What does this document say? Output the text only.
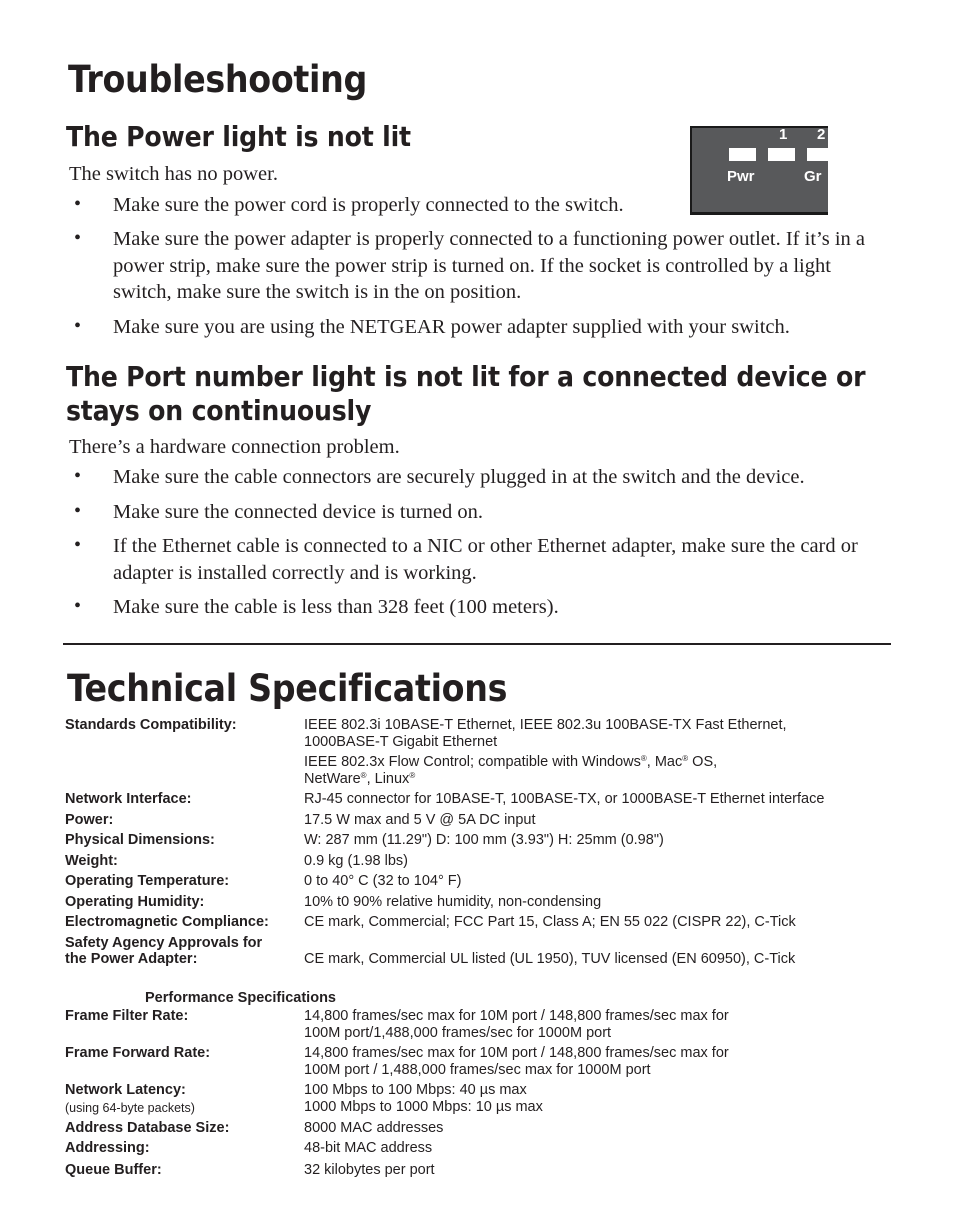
Troubleshooting
The Power light is not lit	1 2
Pwr	Gr
The switch has no power.
• Make sure the power cord is properly connected to the switch.
• Make sure the power adapter is properly connected to a functioning power outlet. If it’s in a power strip, make sure the power strip is turned on. If the socket is controlled by a light switch, make sure the switch is in the on position.
• Make sure you are using the NETGEAR power adapter supplied with your switch.
The Port number light is not lit for a connected device or
stays on continuously
There’s a hardware connection problem.
• Make sure the cable connectors are securely plugged in at the switch and the device.
• Make sure the connected device is turned on.
• If the Ethernet cable is connected to a NIC or other Ethernet adapter, make sure the card or adapter is installed correctly and is working.
• Make sure the cable is less than 328 feet (100 meters).
Technical Specifications
Standards Compatibility:	IEEE 802.3i 10BASE-T Ethernet, IEEE 802.3u 100BASE-TX Fast Ethernet,
1000BASE-T Gigabit Ethernet
IEEE 802.3x Flow Control; compatible with Windows®, Mac® OS,
NetWare®, Linux®
Network Interface:	RJ-45 connector for 10BASE-T, 100BASE-TX, or 1000BASE-T Ethernet interface
Power:	17.5 W max and 5 V @ 5A DC input
Physical Dimensions:	W: 287 mm (11.29") D: 100 mm (3.93") H: 25mm (0.98")
Weight:	0.9 kg (1.98 lbs)
Operating Temperature:	0 to 40° C (32 to 104° F)
Operating Humidity:	10% t0 90% relative humidity, non-condensing
Electromagnetic Compliance: CE mark, Commercial; FCC Part 15, Class A; EN 55 022 (CISPR 22), C-Tick
Safety Agency Approvals for
the Power Adapter:	CE mark, Commercial UL listed (UL 1950), TUV licensed (EN 60950), C-Tick
Performance Specifications
Frame Filter Rate:	14,800 frames/sec max for 10M port / 148,800 frames/sec max for
100M port/1,488,000 frames/sec for 1000M port
Frame Forward Rate:	14,800 frames/sec max for 10M port / 148,800 frames/sec max for
100M port / 1,488,000 frames/sec max for 1000M port
Network Latency:
(using 64-byte packets)
100 Mbps to 100 Mbps: 40 µs max
1000 Mbps to 1000 Mbps: 10 µs max
Address Database Size:	8000 MAC addresses
Addressing:	48-bit MAC address
Queue Buffer:	32 kilobytes per port
